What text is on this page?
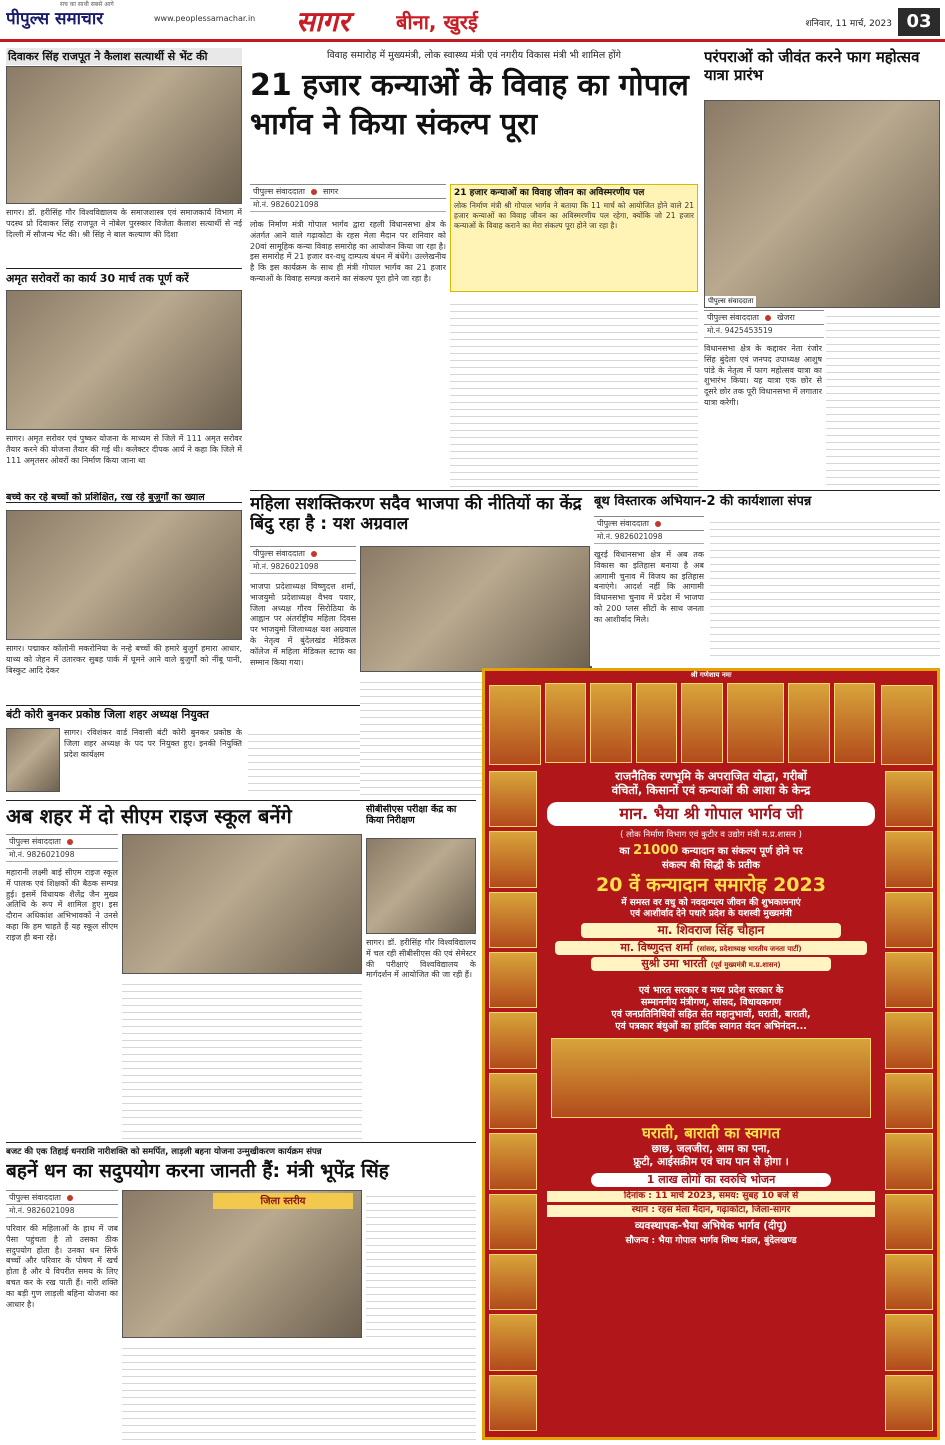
पीपुल्स समाचार
सच का साथी सबसे आगे
www.peoplessamachar.in	सागर	बीना, खुरई	शनिवार, 11 मार्च, 2023 03
दिवाकर सिंह राजपूत ने कैलाश सत्यार्थी से भेंट की
सागर। डॉ. हरीसिंह गौर विश्वविद्यालय के समाजशास्त्र एवं समाजकार्य विभाग में पदस्थ प्रो दिवाकर सिंह राजपूत ने नोबेल पुरस्कार विजेता कैलाश सत्यार्थी से नई दिल्ली में सौजन्य भेंट की। श्री सिंह ने बाल कल्याण की दिशा
अमृत सरोवरों का कार्य 30 मार्च तक पूर्ण करें
सागर। अमृत सरोवर एवं पुष्कर योजना के माध्यम से जिले में 111 अमृत सरोवर तैयार करने की योजना तैयार की गई थी। कलेक्टर दीपक आर्य ने कहा कि जिले में 111 अमृतसर ओवरों का निर्माण किया जाना था
बच्चे कर रहे बच्चों को प्रशिक्षित, रख रहे बुजुर्गों का ख्याल
सागर। पद्माकर कॉलोनी मकरोनिया के नन्हे बच्चों की हमारे बुजुर्ग हमारा आधार, याथ्य को जेहन में उतारकर सुबह पार्क में घूमने आने वाले बुजुर्गों को नींबू पानी, बिस्कुट आदि देकर
बंटी कोरी बुनकर प्रकोष्ठ जिला शहर अध्यक्ष नियुक्त
सागर। रविशंकर वार्ड निवासी बंटी कोरी बुनकर प्रकोष्ठ के जिला शहर अध्यक्ष के पद पर नियुक्त हुए। इनकी नियुक्ति प्रदेश कार्यक्षम
विवाह समारोह में मुख्यमंत्री, लोक स्वास्थ्य मंत्री एवं नगरीय विकास मंत्री भी शामिल होंगे
21 हजार कन्याओं के विवाह का गोपाल भार्गव ने किया संकल्प पूरा
पीपुल्स संवाददाता सागर
मो.नं. 9826021098
लोक निर्माण मंत्री गोपाल भार्गव द्वारा रहली विधानसभा क्षेत्र के अंतर्गत आने वाले गढ़ाकोटा के रहस मेला मैदान पर शनिवार को 20वां सामूहिक कन्या विवाह समारोह का आयोजन किया जा रहा है। इस समारोह में 21 हजार वर-वधु दाम्पत्य बंधन में बंधेंगे। उल्लेखनीय है कि इस कार्यक्रम के साथ ही मंत्री गोपाल भार्गव का 21 हजार कन्याओं के विवाह सम्पन्न कराने का संकल्प पूरा होने जा रहा है।
21 हजार कन्याओं का विवाह जीवन का अविस्मरणीय पल
लोक निर्माण मंत्री श्री गोपाल भार्गव ने बताया कि 11 मार्च को आयोजित होने वाले 21 हजार कन्याओं का विवाह जीवन का अविस्मरणीय पल रहेगा, क्योंकि जो 21 हजार कन्याओं के विवाह कराने का मेरा संकल्प पूरा होने जा रहा है।
परंपराओं को जीवंत करने फाग महोत्सव यात्रा प्रारंभ
पीपुल्स संवाददाता
पीपुल्स संवाददाता खेजरा
मो.नं. 9425453519
विधानसभा क्षेत्र के कद्दावर नेता रंजोर सिंह बुंदेला एवं जनपद उपाध्यक्ष आशुष पांडे के नेतृत्व में फाग महोत्सव यात्रा का शुभारंभ किया। यह यात्रा एक छोर से दूसरे छोर तक पूरी विधानसभा में लगातार यात्रा करेगी।
महिला सशक्तिकरण सदैव भाजपा की नीतियों का केंद्र बिंदु रहा है : यश अग्रवाल
पीपुल्स संवाददाता
मो.नं. 9826021098
भाजपा प्रदेशाध्यक्ष विष्णुदत्त शर्मा, भाजयुमो प्रदेशाध्यक्ष वैभव पवार, जिला अध्यक्ष गौरव सिरोठिया के आह्वान पर अंतर्राष्ट्रीय महिला दिवस पर भाजयुमो जिलाध्यक्ष यश अग्रवाल के नेतृत्व में बुंदेलखंड मेडिकल कॉलेज में महिला मेडिकल स्टाफ का सम्मान किया गया।
बूथ विस्तारक अभियान-2 की कार्यशाला संपन्न
पीपुल्स संवाददाता
मो.नं. 9826021098
खुरई विधानसभा क्षेत्र में अब तक विकास का इतिहास बनाया है अब आगामी चुनाव में विजय का इतिहास बनाएंगे। आदर्श नहीं कि आगामी विधानसभा चुनाव में प्रदेश में भाजपा को 200 प्लस सीटों के साथ जनता का आशीर्वाद मिले।
अब शहर में दो सीएम राइज स्कूल बनेंगे
पीपुल्स संवाददाता
मो.नं. 9826021098
महारानी लक्ष्मी बाई सीएम राइज स्कूल में पालक एवं शिक्षकों की बैठक सम्पन्न हुई। इसमें विधायक शैलेंद्र जैन मुख्य अतिथि के रूप में शामिल हुए। इस दौरान अधिकांश अभिभावकों ने उनसे कहा कि हम चाहते हैं यह स्कूल सीएम राइज ही बना रहे।
सीबीसीएस परीक्षा केंद्र का किया निरीक्षण
सागर। डॉ. हरीसिंह गौर विश्वविद्यालय में चल रही सीबीसीएस की एवं सेमेस्टर की परीक्षाएं विश्वविद्यालय के मार्गदर्शन में आयोजित की जा रही हैं।
बजट की एक तिहाई धनराशि नारीशक्ति को समर्पित, लाड़ली बहना योजना उन्मुखीकरण कार्यक्रम संपन्न
बहनें धन का सदुपयोग करना जानती हैं: मंत्री भूपेंद्र सिंह
पीपुल्स संवाददाता
मो.नं. 9826021098
परिवार की महिलाओं के हाथ में जब पैसा पहुंचता है तो उसका ठीक सदुपयोग होता है। उनका धन सिर्फ बच्चों और परिवार के पोषण में खर्च होता है और ये विपरीत समय के लिए बचत कर के रख पाती हैं। नारी शक्ति का बड़ी गुण लाड़ली बहिना योजना का आधार है।
जिला स्तरीय
श्री गणेशाय नमः
राजनैतिक रणभूमि के अपराजित योद्धा, गरीबों
वंचितों, किसानों एवं कन्याओं की आशा के केन्द्र
मान. भैया श्री गोपाल भार्गव जी
( लोक निर्माण विभाग एवं कुटीर व उद्योग मंत्री म.प्र.शासन )
का 21000 कन्यादान का संकल्प पूर्ण होने पर
संकल्प की सिद्धी के प्रतीक
20 वें कन्यादान समारोह 2023
में समस्त वर वधु को नवदाम्पत्य जीवन की शुभकामनाएं
एवं आशीर्वाद देने पधारे प्रदेश के यशस्वी मुख्यमंत्री
मा. शिवराज सिंह चौहान
मा. विष्णुदत्त शर्मा (सांसद, प्रदेशाध्यक्ष भारतीय जनता पार्टी)
सुश्री उमा भारती (पूर्व मुख्यमंत्री म.प्र.शासन)
एवं भारत सरकार व मध्य प्रदेश सरकार के
सम्माननीय मंत्रीगण, सांसद, विधायकगण
एवं जनप्रतिनिधियों सहित सेत महानुभावों, घराती, बाराती,
एवं पत्रकार बंधुओं का हार्दिक स्वागत वंदन अभिनंदन...
घराती, बाराती का स्वागत
छाछ, जलजीरा, आम का पना,
फ्रूटी, आईसक्रीम एवं चाय पान से होगा ।
1 लाख लोगों का स्वरुचि भोजन
दिनांक : 11 मार्च 2023, समय: सुबह 10 बजे से
स्थान : रहस मेला मैदान, गढ़ाकोटा, जिला-सागर
व्यवस्थापक-भैया अभिषेक भार्गव (दीपू)
सौजन्य : भैया गोपाल भार्गव शिष्य मंडल, बुंदेलखण्ड
